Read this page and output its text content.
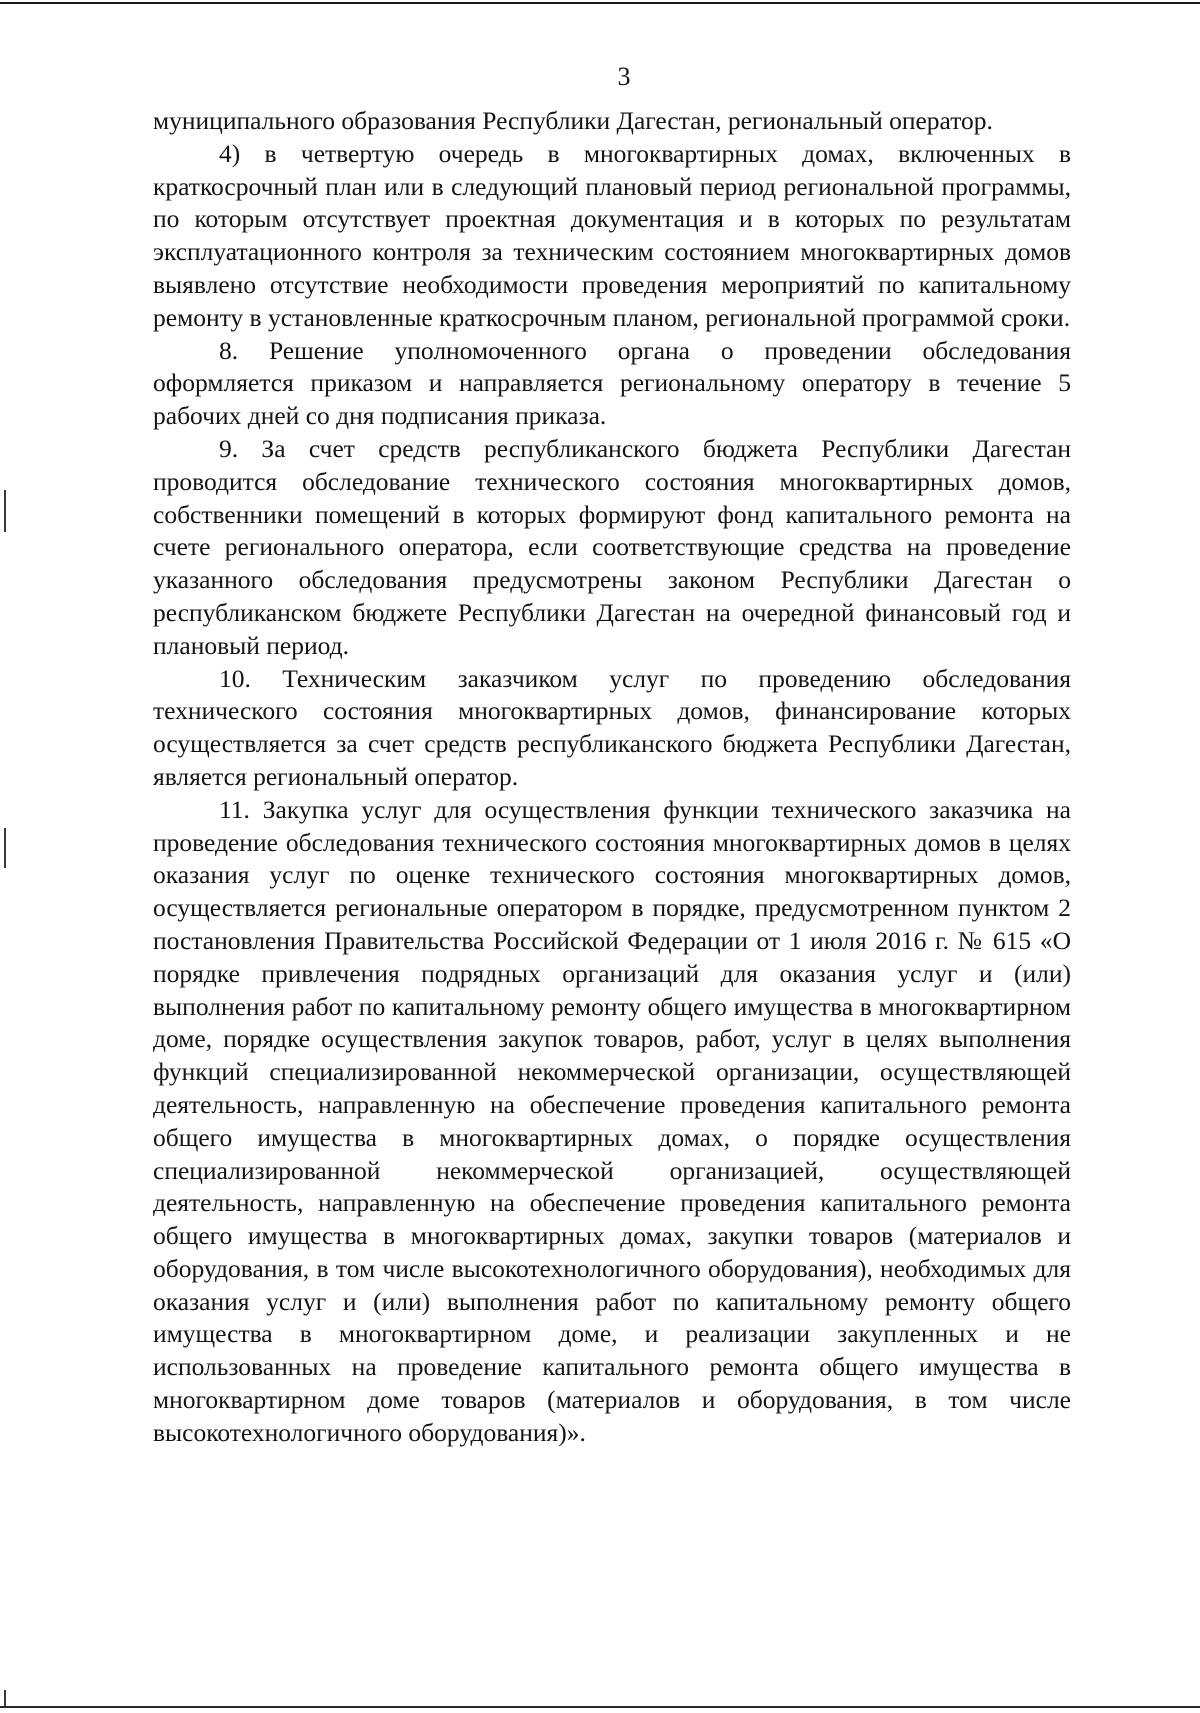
3

муниципального образования Республики Дагестан, региональный оператор.

4) в четвертую очередь в многоквартирных домах, включенных в краткосрочный план или в следующий плановый период региональной программы, по которым отсутствует проектная документация и в которых по результатам эксплуатационного контроля за техническим состоянием многоквартирных домов выявлено отсутствие необходимости проведения мероприятий по капитальному ремонту в установленные краткосрочным планом, региональной программой сроки.

8. Решение уполномоченного органа о проведении обследования оформляется приказом и направляется региональному оператору в течение 5 рабочих дней со дня подписания приказа.

9. За счет средств республиканского бюджета Республики Дагестан проводится обследование технического состояния многоквартирных домов, собственники помещений в которых формируют фонд капитального ремонта на счете регионального оператора, если соответствующие средства на проведение указанного обследования предусмотрены законом Республики Дагестан о республиканском бюджете Республики Дагестан на очередной финансовый год и плановый период.

10. Техническим заказчиком услуг по проведению обследования технического состояния многоквартирных домов, финансирование которых осуществляется за счет средств республиканского бюджета Республики Дагестан, является региональный оператор.

11. Закупка услуг для осуществления функции технического заказчика на проведение обследования технического состояния многоквартирных домов в целях оказания услуг по оценке технического состояния многоквартирных домов, осуществляется региональные оператором в порядке, предусмотренном пунктом 2 постановления Правительства Российской Федерации от 1 июля 2016 г. № 615 «О порядке привлечения подрядных организаций для оказания услуг и (или) выполнения работ по капитальному ремонту общего имущества в многоквартирном доме, порядке осуществления закупок товаров, работ, услуг в целях выполнения функций специализированной некоммерческой организации, осуществляющей деятельность, направленную на обеспечение проведения капитального ремонта общего имущества в многоквартирных домах, о порядке осуществления специализированной некоммерческой организацией, осуществляющей деятельность, направленную на обеспечение проведения капитального ремонта общего имущества в многоквартирных домах, закупки товаров (материалов и оборудования, в том числе высокотехнологичного оборудования), необходимых для оказания услуг и (или) выполнения работ по капитальному ремонту общего имущества в многоквартирном доме, и реализации закупленных и не использованных на проведение капитального ремонта общего имущества в многоквартирном доме товаров (материалов и оборудования, в том числе высокотехнологичного оборудования)».
